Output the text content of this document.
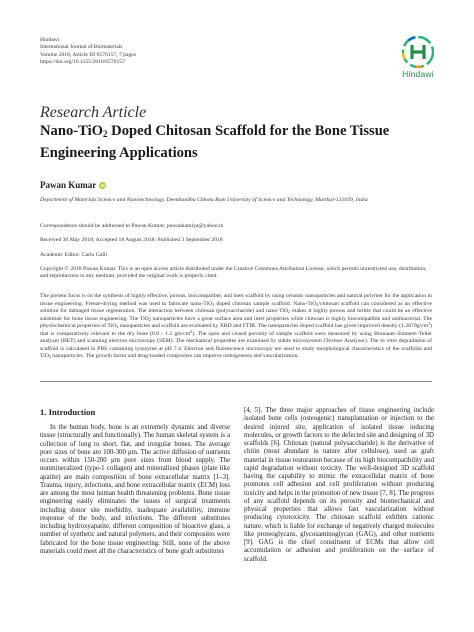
Hindawi
International Journal of Biomaterials
Volume 2018, Article ID 6576157, 7 pages
https://doi.org/10.1155/2018/6576157
Hindawi
Research Article
Nano-TiO$_2$ Doped Chitosan Scaffold for the Bone Tissue Engineering Applications
Pawan Kumar iD
Department of Materials Science and Nanotechnology, Deenbandhu Chhotu Ram University of Science and Technology, Murthal-131039, India
Correspondence should be addressed to Pawan Kumar; pawankamiya@yahoo.in
Received 30 May 2018; Accepted 18 August 2018; Published 3 September 2018
Academic Editor: Carlo Galli
Copyright © 2018 Pawan Kumar. This is an open access article distributed under the Creative Commons Attribution License, which permits unrestricted use, distribution, and reproduction in any medium, provided the original work is properly cited.
The present focus is on the synthesis of highly effective, porous, biocompatible, and inert scaffold by using ceramic nanoparticles and natural polymer for the application in tissue engineering. Freeze-drying method was used to fabricate nano-TiO$_2$ doped chitosan sample scaffold. Nano-TiO$_2$/chitosan scaffold can considered as an effective solution for damaged tissue regeneration. The interaction between chitosan (polysaccharide) and nano-TiO$_2$ makes it highly porous and brittle that could be an effective substitute for bone tissue engineering. The TiO$_2$ nanoparticles have a great surface area and inert properties while chitosan is highly biocompatible and antibacterial. The physiochemical properties of TiO$_2$ nanoparticles and scaffold are evaluated by XRD and FTIR. The nanoparticles doped scaffold has given improved density $(1.2870g/cm^3)$ that is comparatively relevant to the dry bone (0.8 - 1.2 $gm/cm^3$). The open and closed porosity of sample scaffold were measured by using Brunauer–Emmett–Teller analyzer (BET) and scanning electron microscopy (SEM). The mechanical properties are examined by stable microsystem (Texture Analyzer). The in vitro degradation of scaffold is calculated in PBS containing lysozyme at pH 7.4. Electron and fluorescence microscopy are used to study morphological characteristics of the scaffolds and TiO$_2$ nanoparticles. The growth factor and drug-loaded composites can improve osteogenesis and vascularization.
1. Introduction

In the human body, bone is an extremely dynamic and diverse tissue (structurally and functionally). The human skeletal system is a collection of long to short, flat, and irregular bones. The average pore sizes of bone are 100-300 μm. The active diffusion of nutrients occurs within 150-200 μm pore sizes from blood supply. The nonmineralized (type-1 collagen) and mineralized phases (plate like apatite) are main composition of bone extracellular matrix [1–3]. Trauma, injury, infections, and bone extracellular matrix (ECM) loss are among the most human health threatening problems. Bone tissue engineering easily eliminates the issues of surgical treatments including donor site morbidity, inadequate availability, immune response of the body, and infections. The different substitutes including hydroxyapatite, different composition of bioactive glass, a number of synthetic and natural polymers, and their composites were fabricated for the bone tissue engineering. Still, none of the above materials could meet all the characteristics of bone graft substitutes

[4, 5]. The three major approaches of tissue engineering include isolated bone cells (osteogenic) transplantation or injection to the desired injured site, application of isolated tissue inducing molecules, or growth factors to the defected site and designing of 3D scaffolds [6]. Chitosan (natural polysaccharide) is the derivative of chitin (most abundant in nature after cellulose), used as graft material in tissue restoration because of its high biocompatibility and rapid degradation without toxicity. The well-designed 3D scaffold having the capability to mimic the extracellular matrix of bone promotes cell adhesion and cell proliferation without producing toxicity and helps in the promotion of new tissue [7, 8]. The progress of any scaffold depends on its porosity and biomechanical and physical properties that allows fast vascularization without producing cytotoxicity. The chitosan scaffold exhibits cationic nature, which is liable for exchange of negatively charged molecules like proteoglycans, glycosaminoglycan (GAG), and other nutrients [9]. GAG is the chief constituent of ECMs that allow cell accumulation or adhesion and proliferation on the surface of scaffold.
